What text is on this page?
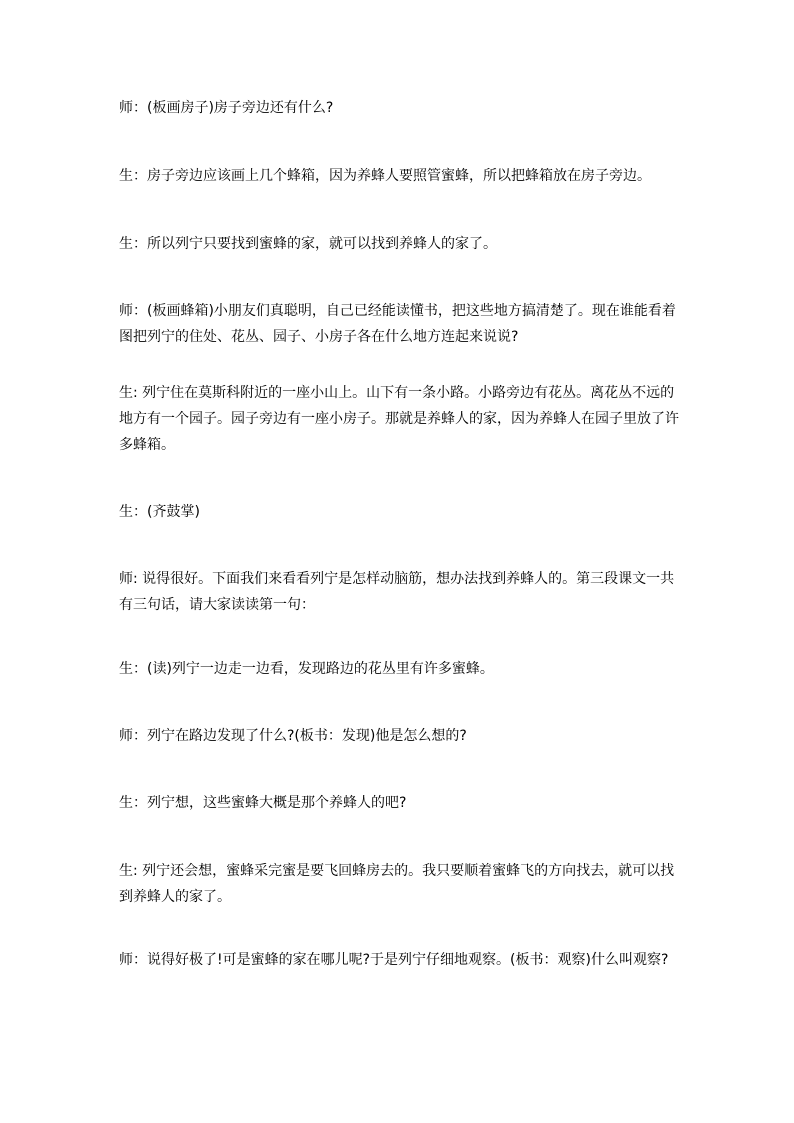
师：(板画房子)房子旁边还有什么?

生：房子旁边应该画上几个蜂箱，因为养蜂人要照管蜜蜂，所以把蜂箱放在房子旁边。

生：所以列宁只要找到蜜蜂的家，就可以找到养蜂人的家了。

师：(板画蜂箱)小朋友们真聪明，自己已经能读懂书，把这些地方搞清楚了。现在谁能看着图把列宁的住处、花丛、园子、小房子各在什么地方连起来说说?

生: 列宁住在莫斯科附近的一座小山上。山下有一条小路。小路旁边有花丛。离花丛不远的地方有一个园子。园子旁边有一座小房子。那就是养蜂人的家，因为养蜂人在园子里放了许多蜂箱。

生：(齐鼓掌)

师: 说得很好。下面我们来看看列宁是怎样动脑筋，想办法找到养蜂人的。第三段课文一共有三句话，请大家读读第一句：

生：(读)列宁一边走一边看，发现路边的花丛里有许多蜜蜂。

师：列宁在路边发现了什么?(板书：发现)他是怎么想的?

生：列宁想，这些蜜蜂大概是那个养蜂人的吧?

生: 列宁还会想，蜜蜂采完蜜是要飞回蜂房去的。我只要顺着蜜蜂飞的方向找去，就可以找到养蜂人的家了。

师：说得好极了!可是蜜蜂的家在哪儿呢?于是列宁仔细地观察。(板书：观察)什么叫观察?
